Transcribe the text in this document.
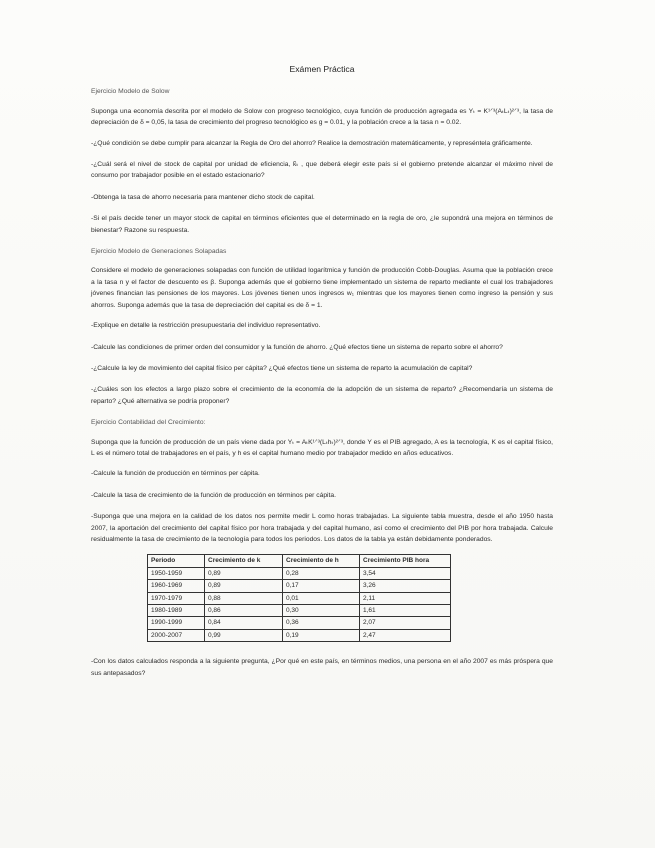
Exámen Práctica
Ejercicio Modelo de Solow
Suponga una economía descrita por el modelo de Solow con progreso tecnológico, cuya función de producción agregada es Yₜ = K¹ᐟ³(AₜLₜ)²ᐟ³, la tasa de depreciación de δ = 0,05, la tasa de crecimiento del progreso tecnológico es g = 0.01, y la población crece a la tasa n = 0.02.
-¿Qué condición se debe cumplir para alcanzar la Regla de Oro del ahorro? Realice la demostración matemáticamente, y represéntela gráficamente.
-¿Cuál será el nivel de stock de capital por unidad de eficiencia, k̂ₜ , que deberá elegir este país si el gobierno pretende alcanzar el máximo nivel de consumo por trabajador posible en el estado estacionario?
-Obtenga la tasa de ahorro necesaria para mantener dicho stock de capital.
-Si el país decide tener un mayor stock de capital en términos eficientes que el determinado en la regla de oro, ¿le supondrá una mejora en términos de bienestar? Razone su respuesta.
Ejercicio Modelo de Generaciones Solapadas
Considere el modelo de generaciones solapadas con función de utilidad logarítmica y función de producción Cobb-Douglas. Asuma que la población crece a la tasa n y el factor de descuento es β. Suponga además que el gobierno tiene implementado un sistema de reparto mediante el cual los trabajadores jóvenes financian las pensiones de los mayores. Los jóvenes tienen unos ingresos w₁ mientras que los mayores tienen como ingreso la pensión y sus ahorros. Suponga además que la tasa de depreciación del capital es de δ = 1.
-Explique en detalle la restricción presupuestaria del individuo representativo.
-Calcule las condiciones de primer orden del consumidor y la función de ahorro. ¿Qué efectos tiene un sistema de reparto sobre el ahorro?
-¿Calcule la ley de movimiento del capital físico per cápita? ¿Qué efectos tiene un sistema de reparto la acumulación de capital?
-¿Cuáles son los efectos a largo plazo sobre el crecimiento de la economía de la adopción de un sistema de reparto? ¿Recomendaría un sistema de reparto? ¿Qué alternativa se podría proponer?
Ejercicio Contabilidad del Crecimiento:
Suponga que la función de producción de un país viene dada por Yₜ = AₜK¹ᐟ³(Lₜhₜ)²ᐟ³, donde Y es el PIB agregado, A es la tecnología, K es el capital físico, L es el número total de trabajadores en el país, y h es el capital humano medio por trabajador medido en años educativos.
-Calcule la función de producción en términos per cápita.
-Calcule la tasa de crecimiento de la función de producción en términos per cápita.
-Suponga que una mejora en la calidad de los datos nos permite medir L como horas trabajadas. La siguiente tabla muestra, desde el año 1950 hasta 2007, la aportación del crecimiento del capital físico por hora trabajada y del capital humano, así como el crecimiento del PIB por hora trabajada. Calcule residualmente la tasa de crecimiento de la tecnología para todos los periodos. Los datos de la tabla ya están debidamente ponderados.
Periodo	Crecimiento de k	Crecimiento de h	Crecimiento PIB hora
1950-1959	0,89	0,28	3,54
1960-1969	0,89	0,17	3,26
1970-1979	0,88	0,01	2,11
1980-1989	0,86	0,30	1,61
1990-1999	0,84	0,36	2,07
2000-2007	0,99	0,19	2,47
-Con los datos calculados responda a la siguiente pregunta, ¿Por qué en este país, en términos medios, una persona en el año 2007 es más próspera que sus antepasados?
